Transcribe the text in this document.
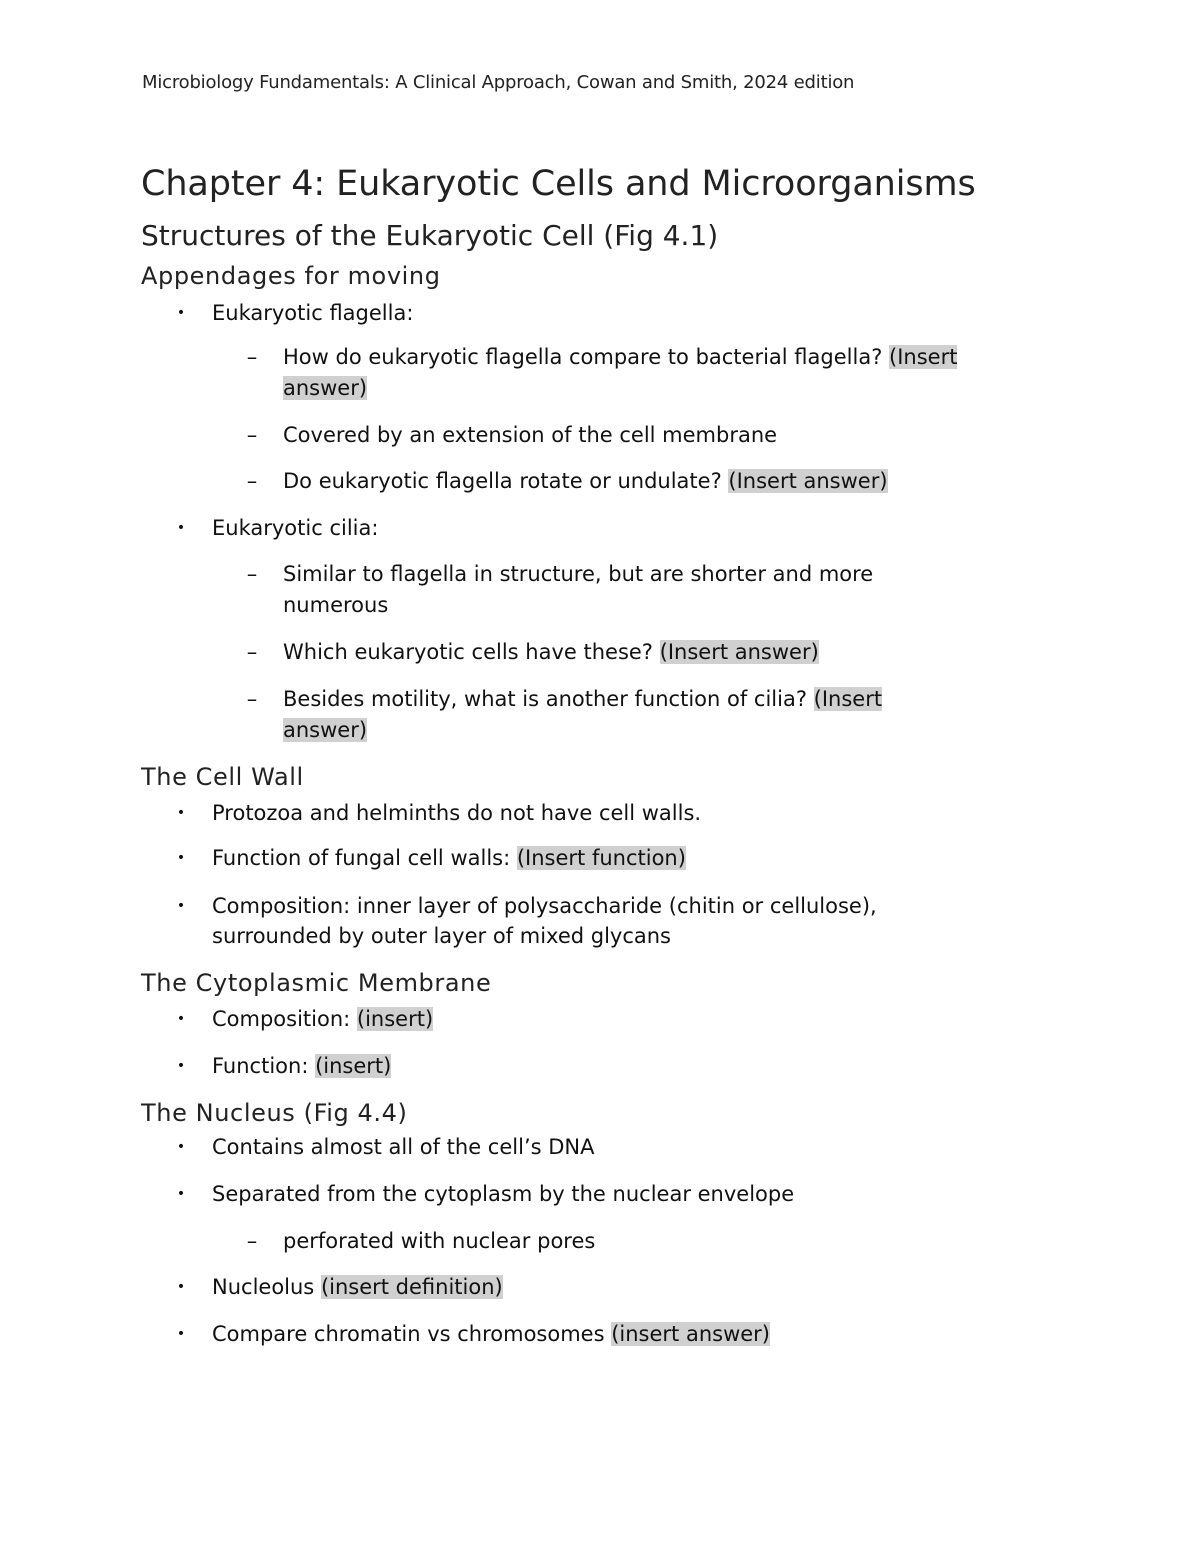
Microbiology Fundamentals: A Clinical Approach, Cowan and Smith, 2024 edition
Chapter 4: Eukaryotic Cells and Microorganisms
Structures of the Eukaryotic Cell (Fig 4.1)
Appendages for moving
• Eukaryotic flagella:
– How do eukaryotic flagella compare to bacterial flagella? (Insert
answer)
– Covered by an extension of the cell membrane
– Do eukaryotic flagella rotate or undulate? (Insert answer)
• Eukaryotic cilia:
– Similar to flagella in structure, but are shorter and more
numerous
– Which eukaryotic cells have these? (Insert answer)
– Besides motility, what is another function of cilia? (Insert
answer)
The Cell Wall
• Protozoa and helminths do not have cell walls.
• Function of fungal cell walls: (Insert function)
• Composition: inner layer of polysaccharide (chitin or cellulose),
surrounded by outer layer of mixed glycans
The Cytoplasmic Membrane
• Composition: (insert)
• Function: (insert)
The Nucleus (Fig 4.4)
• Contains almost all of the cell’s DNA
• Separated from the cytoplasm by the nuclear envelope
– perforated with nuclear pores
• Nucleolus (insert definition)
• Compare chromatin vs chromosomes (insert answer)
